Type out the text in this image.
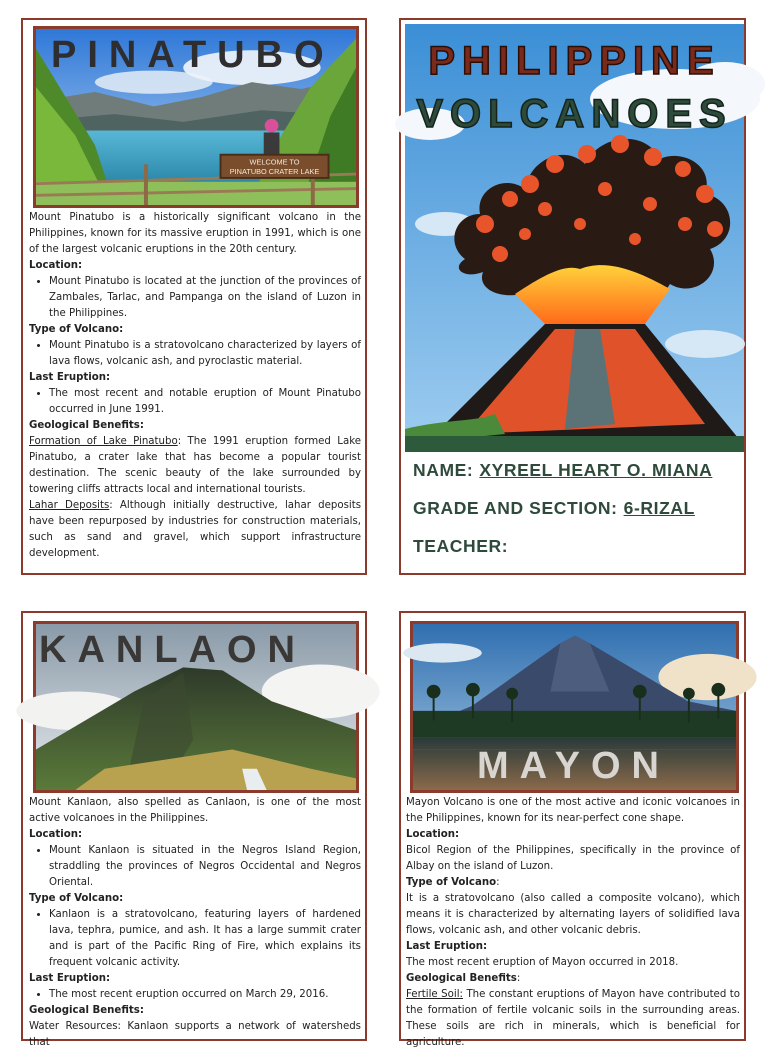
WELCOME TO
PINATUBO CRATER LAKE
PINATUBO

Mount Pinatubo is a historically significant volcano in the Philippines, known for its massive eruption in 1991, which is one of the largest volcanic eruptions in the 20th century.

Location:

• Mount Pinatubo is located at the junction of the provinces of Zambales, Tarlac, and Pampanga on the island of Luzon in the Philippines.

Type of Volcano:

• Mount Pinatubo is a stratovolcano characterized by layers of lava flows, volcanic ash, and pyroclastic material.

Last Eruption:

• The most recent and notable eruption of Mount Pinatubo occurred in June 1991.

Geological Benefits:

Formation of Lake Pinatubo: The 1991 eruption formed Lake Pinatubo, a crater lake that has become a popular tourist destination. The scenic beauty of the lake surrounded by towering cliffs attracts local and international tourists.

Lahar Deposits: Although initially destructive, lahar deposits have been repurposed by industries for construction materials, such as sand and gravel, which support infrastructure development.

PHILIPPINE
VOLCANOES
NAME: XYREEL HEART O. MIANA
GRADE AND SECTION: 6-RIZAL
TEACHER:
KANLAON

Mount Kanlaon, also spelled as Canlaon, is one of the most active volcanoes in the Philippines.

Location:

• Mount Kanlaon is situated in the Negros Island Region, straddling the provinces of Negros Occidental and Negros Oriental.

Type of Volcano:

• Kanlaon is a stratovolcano, featuring layers of hardened lava, tephra, pumice, and ash. It has a large summit crater and is part of the Pacific Ring of Fire, which explains its frequent volcanic activity.

Last Eruption:

• The most recent eruption occurred on March 29, 2016.

Geological Benefits:

Water Resources: Kanlaon supports a network of watersheds that

MAYON

Mayon Volcano is one of the most active and iconic volcanoes in the Philippines, known for its near-perfect cone shape.

Location:

Bicol Region of the Philippines, specifically in the province of Albay on the island of Luzon.

Type of Volcano:

It is a stratovolcano (also called a composite volcano), which means it is characterized by alternating layers of solidified lava flows, volcanic ash, and other volcanic debris.

Last Eruption:

The most recent eruption of Mayon occurred in 2018.

Geological Benefits:

Fertile Soil: The constant eruptions of Mayon have contributed to the formation of fertile volcanic soils in the surrounding areas. These soils are rich in minerals, which is beneficial for agriculture.
